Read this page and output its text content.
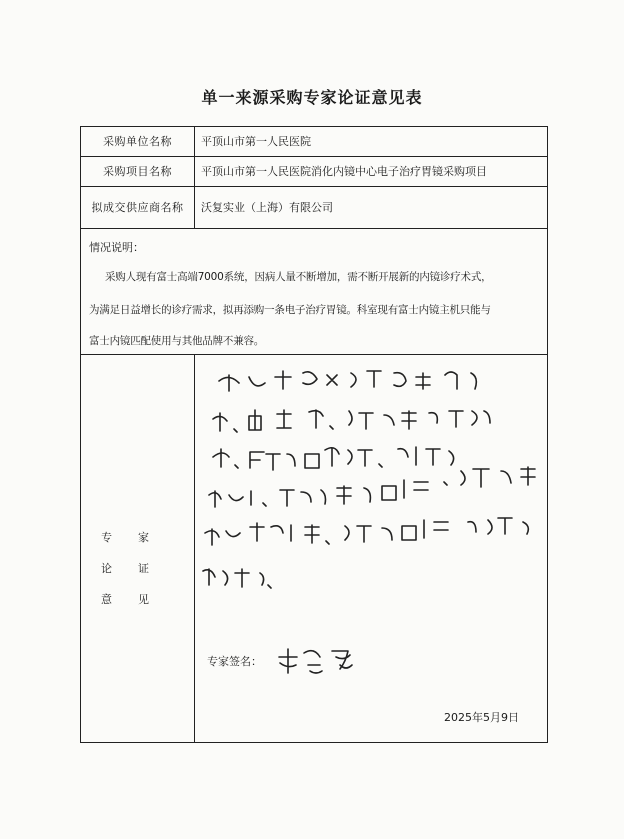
单一来源采购专家论证意见表
采购单位名称	平顶山市第一人民医院
采购项目名称	平顶山市第一人民医院消化内镜中心电子治疗胃镜采购项目
拟成交供应商名称	沃复实业（上海）有限公司
情况说明：
采购人现有富士高端7000系统，因病人量不断增加，需不断开展新的内镜诊疗术式，
为满足日益增长的诊疗需求，拟再添购一条电子治疗胃镜。科室现有富士内镜主机只能与
富士内镜匹配使用与其他品牌不兼容。
专家
论证
意见
专家签名：
2025年5月9日
